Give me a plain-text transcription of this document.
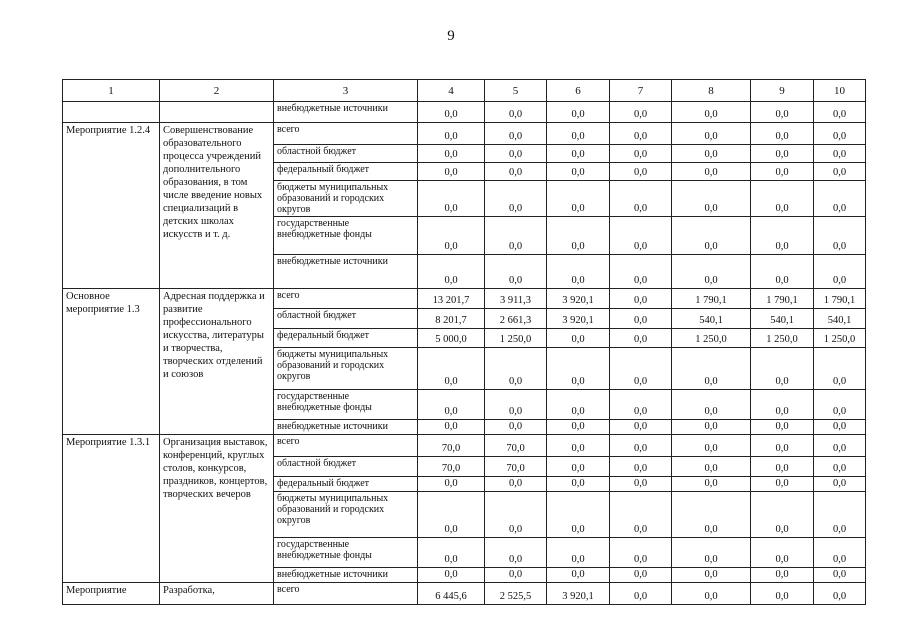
9
1	2	3	4	5	6	7	8	9	10
		внебюджетные источники	0,0	0,0	0,0	0,0	0,0	0,0	0,0
Мероприятие 1.2.4	Совершенствование образовательного процесса учреждений дополнительного образования, в том числе введение новых специализаций в детских школах искусств и т. д.	всего	0,0	0,0	0,0	0,0	0,0	0,0	0,0
		областной бюджет	0,0	0,0	0,0	0,0	0,0	0,0	0,0
		федеральный бюджет	0,0	0,0	0,0	0,0	0,0	0,0	0,0
		бюджеты муниципальных образований и городских округов	0,0	0,0	0,0	0,0	0,0	0,0	0,0
		государственные внебюджетные фонды	0,0	0,0	0,0	0,0	0,0	0,0	0,0
		внебюджетные источники	0,0	0,0	0,0	0,0	0,0	0,0	0,0
Основное мероприятие 1.3	Адресная поддержка и развитие профессионального искусства, литературы и творчества, творческих отделений и союзов	всего	13 201,7	3 911,3	3 920,1	0,0	1 790,1	1 790,1	1 790,1
		областной бюджет	8 201,7	2 661,3	3 920,1	0,0	540,1	540,1	540,1
		федеральный бюджет	5 000,0	1 250,0	0,0	0,0	1 250,0	1 250,0	1 250,0
		бюджеты муниципальных образований и городских округов	0,0	0,0	0,0	0,0	0,0	0,0	0,0
		государственные внебюджетные фонды	0,0	0,0	0,0	0,0	0,0	0,0	0,0
		внебюджетные источники	0,0	0,0	0,0	0,0	0,0	0,0	0,0
Мероприятие 1.3.1	Организация выставок, конференций, круглых столов, конкурсов, праздников, концертов, творческих вечеров	всего	70,0	70,0	0,0	0,0	0,0	0,0	0,0
		областной бюджет	70,0	70,0	0,0	0,0	0,0	0,0	0,0
		федеральный бюджет	0,0	0,0	0,0	0,0	0,0	0,0	0,0
		бюджеты муниципальных образований и городских округов	0,0	0,0	0,0	0,0	0,0	0,0	0,0
		государственные внебюджетные фонды	0,0	0,0	0,0	0,0	0,0	0,0	0,0
		внебюджетные источники	0,0	0,0	0,0	0,0	0,0	0,0	0,0
Мероприятие	Разработка,	всего	6 445,6	2 525,5	3 920,1	0,0	0,0	0,0	0,0
